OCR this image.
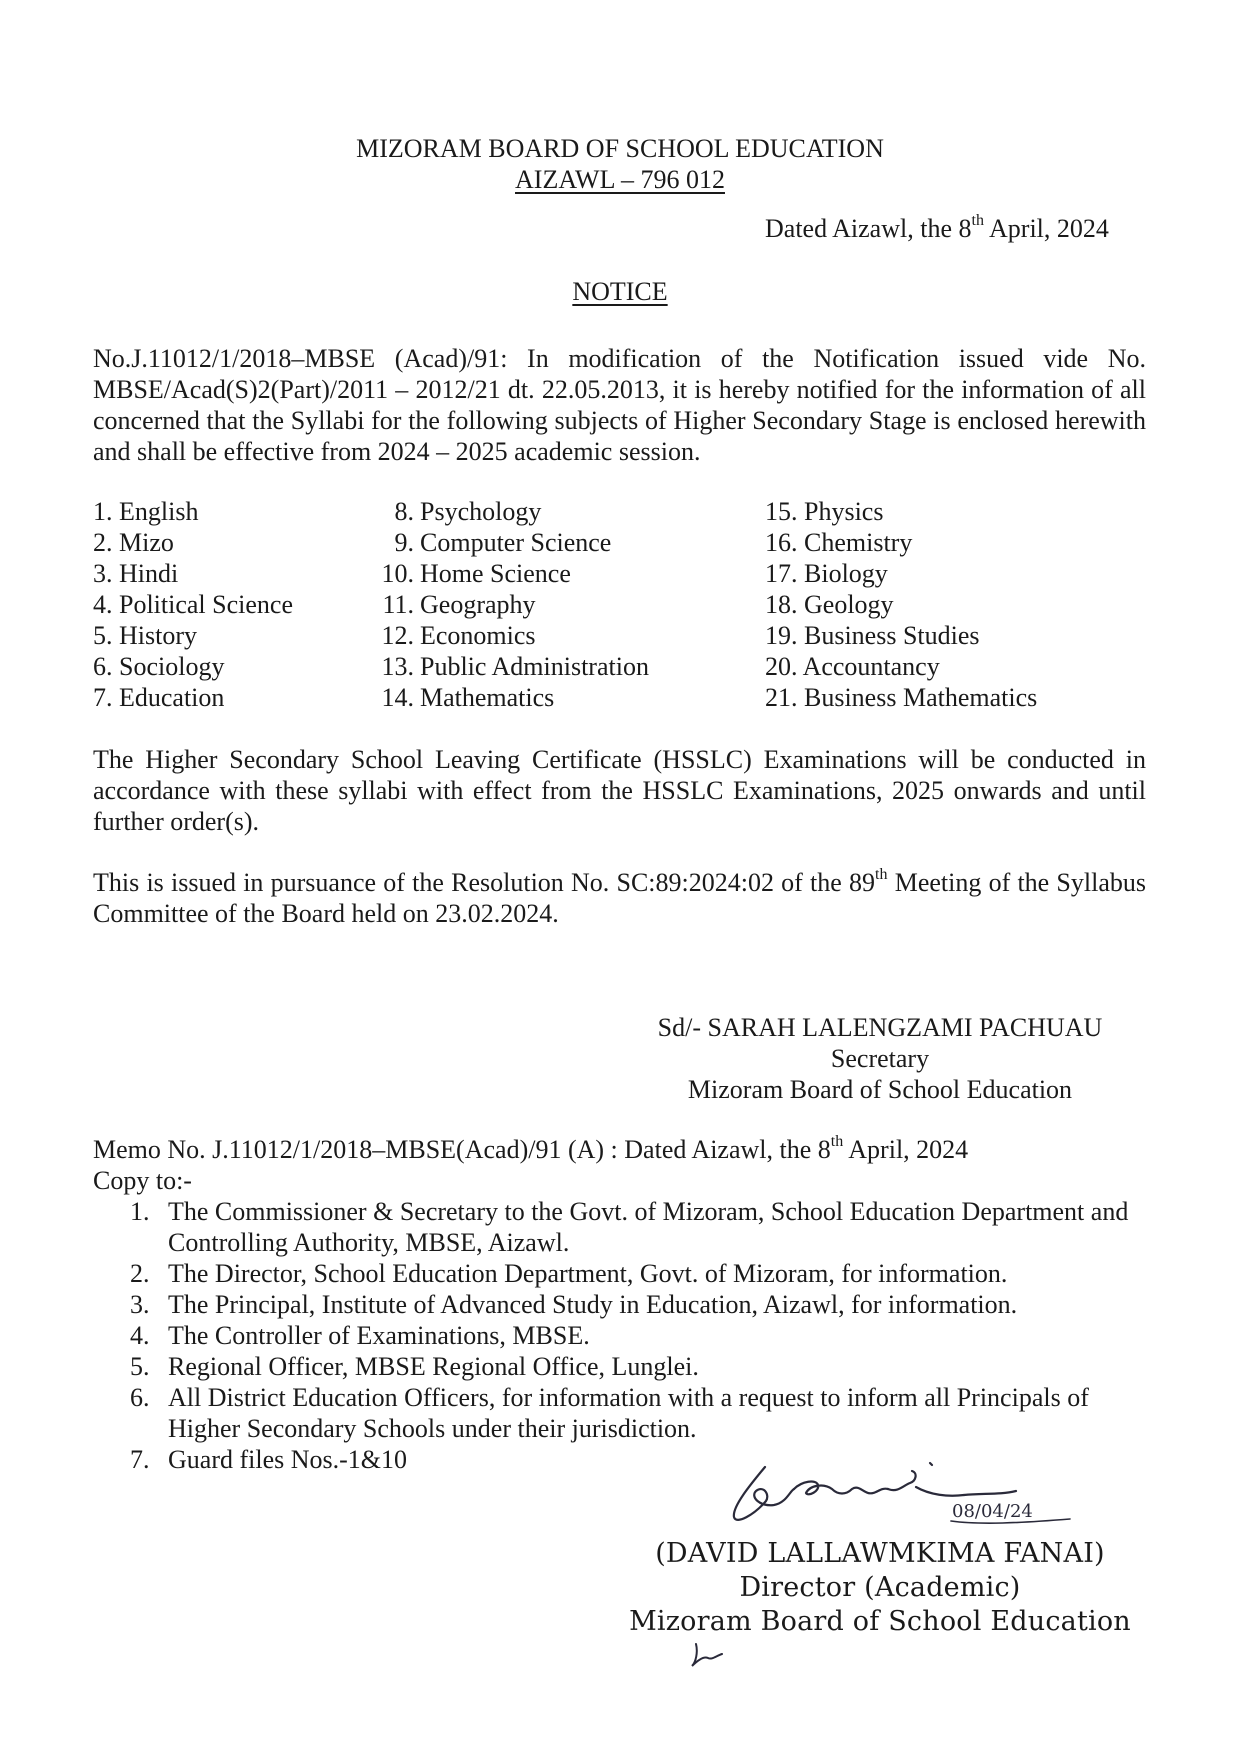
MIZORAM BOARD OF SCHOOL EDUCATION
AIZAWL – 796 012
Dated Aizawl, the 8th April, 2024
NOTICE
No.J.11012/1/2018–MBSE (Acad)/91: In modification of the Notification issued vide No. MBSE/Acad(S)2(Part)/2011 – 2012/21 dt. 22.05.2013, it is hereby notified for the information of all concerned that the Syllabi for the following subjects of Higher Secondary Stage is enclosed herewith and shall be effective from 2024 – 2025 academic session.
1. English
2. Mizo
3. Hindi
4. Political Science
5. History
6. Sociology
7. Education
8. Psychology
9. Computer Science
10. Home Science
11. Geography
12. Economics
13. Public Administration
14. Mathematics
15. Physics
16. Chemistry
17. Biology
18. Geology
19. Business Studies
20. Accountancy
21. Business Mathematics
The Higher Secondary School Leaving Certificate (HSSLC) Examinations will be conducted in accordance with these syllabi with effect from the HSSLC Examinations, 2025 onwards and until further order(s).
This is issued in pursuance of the Resolution No. SC:89:2024:02 of the 89th Meeting of the Syllabus Committee of the Board held on 23.02.2024.
Sd/- SARAH LALENGZAMI PACHUAU
Secretary
Mizoram Board of School Education
Memo No. J.11012/1/2018–MBSE(Acad)/91 (A) : Dated Aizawl, the 8th April, 2024
Copy to:-
1. The Commissioner & Secretary to the Govt. of Mizoram, School Education Department and Controlling Authority, MBSE, Aizawl.
2. The Director, School Education Department, Govt. of Mizoram, for information.
3. The Principal, Institute of Advanced Study in Education, Aizawl, for information.
4. The Controller of Examinations, MBSE.
5. Regional Officer, MBSE Regional Office, Lunglei.
6. All District Education Officers, for information with a request to inform all Principals of Higher Secondary Schools under their jurisdiction.
7. Guard files Nos.-1&10
08/04/24
(DAVID LALLAWMKIMA FANAI)
Director (Academic)
Mizoram Board of School Education
